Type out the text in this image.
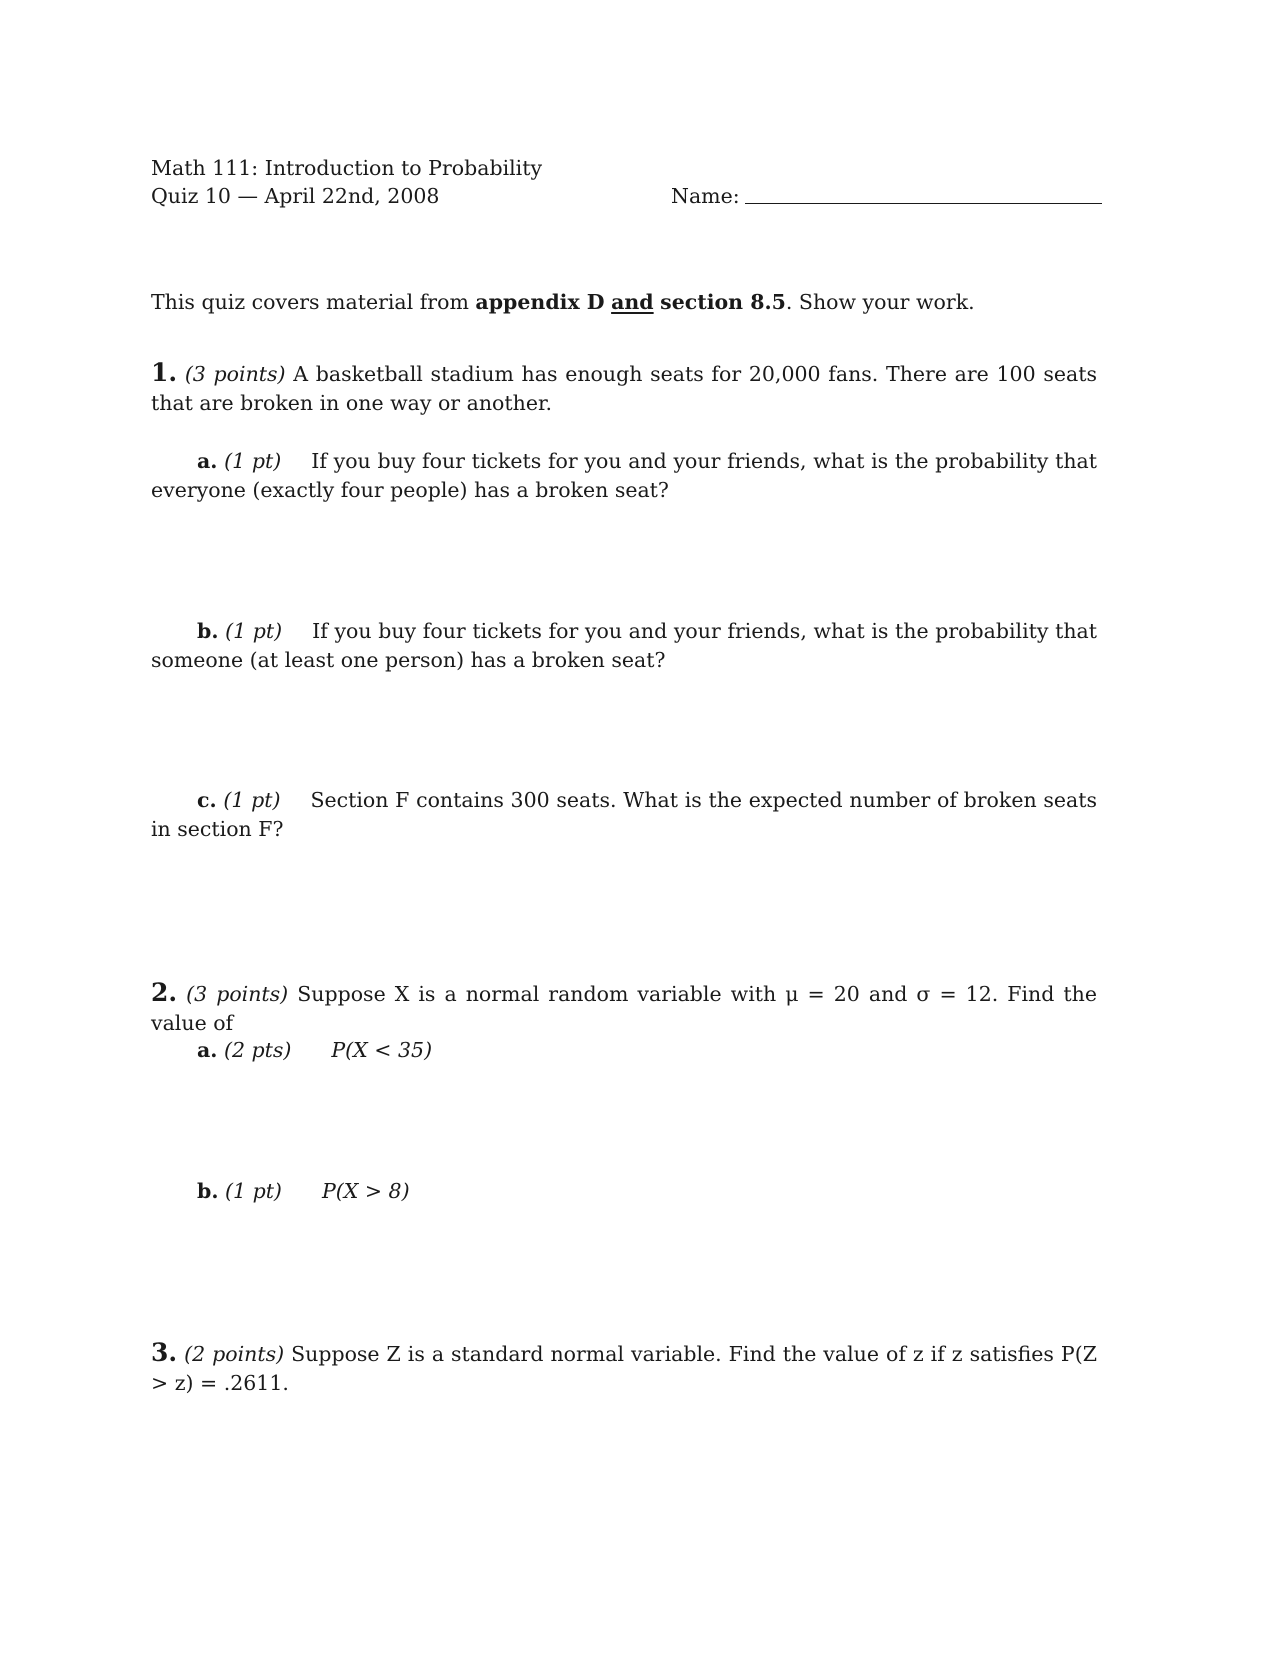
Math 111: Introduction to Probability
Quiz 10 — April 22nd, 2008	Name:
This quiz covers material from appendix D and section 8.5. Show your work.
1. (3 points) A basketball stadium has enough seats for 20,000 fans. There are 100 seats that are broken in one way or another.
a. (1 pt) If you buy four tickets for you and your friends, what is the probability that everyone (exactly four people) has a broken seat?
b. (1 pt) If you buy four tickets for you and your friends, what is the probability that someone (at least one person) has a broken seat?
c. (1 pt) Section F contains 300 seats. What is the expected number of broken seats in section F?
2. (3 points) Suppose X is a normal random variable with μ = 20 and σ = 12. Find the value of
a. (2 pts) P(X < 35)
b. (1 pt) P(X > 8)
3. (2 points) Suppose Z is a standard normal variable. Find the value of z if z satisfies P(Z > z) = .2611.
